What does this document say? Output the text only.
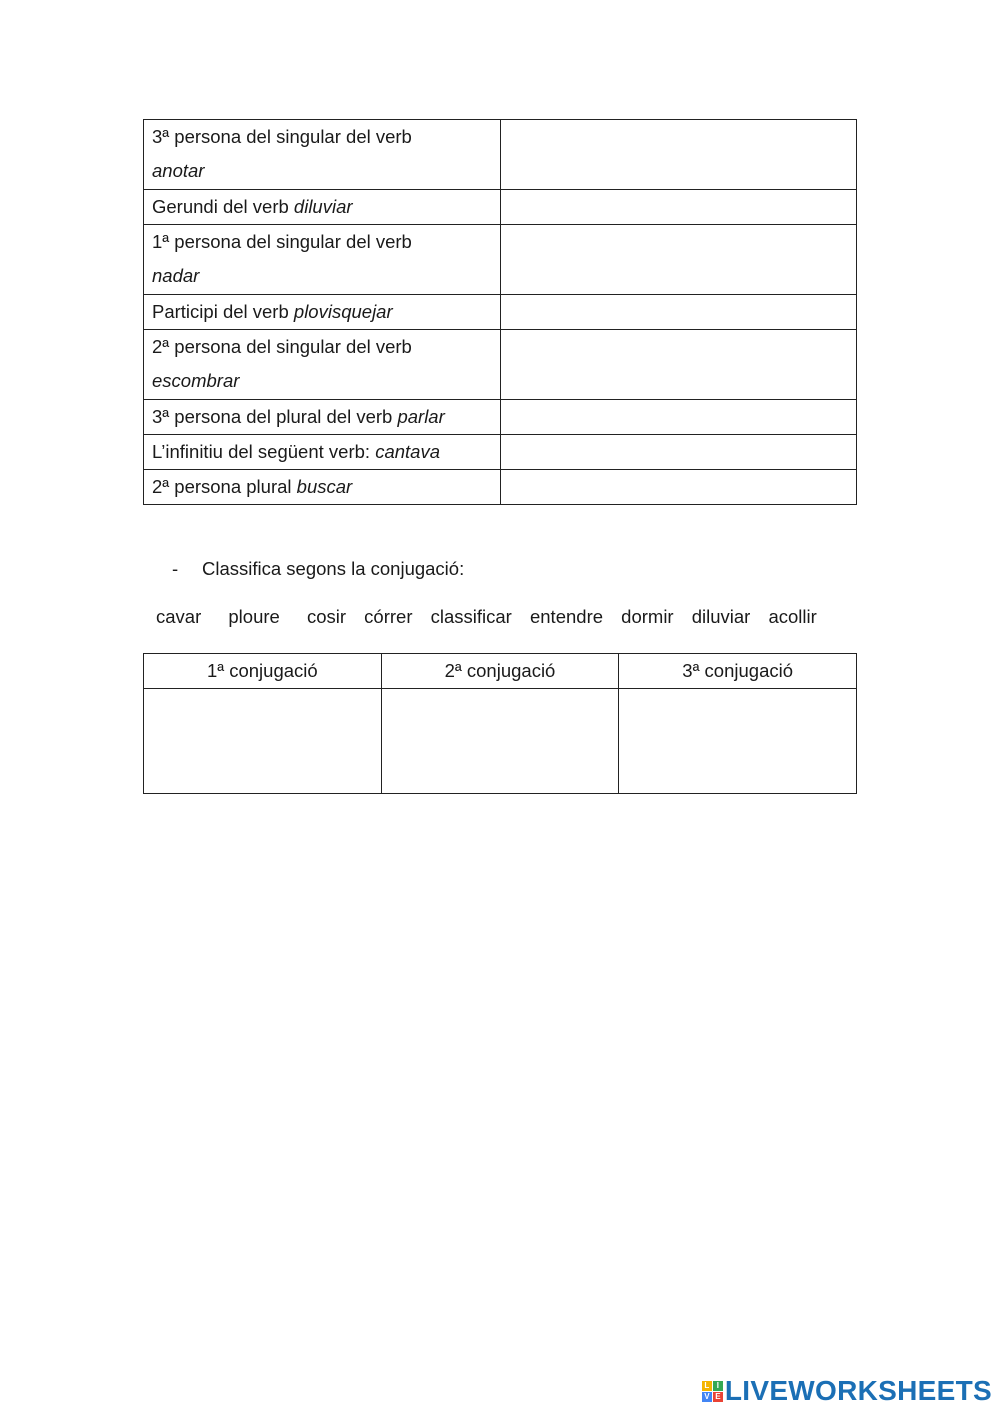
3ª persona del singular del verb
anotar	

Gerundi del verb diluviar	

1ª persona del singular del verb
nadar	

Participi del verb plovisquejar	

2ª persona del singular del verb
escombrar	

3ª persona del plural del verb parlar	

L’infinitiu del següent verb: cantava	

2ª persona plural buscar	
- Classifica segons la conjugació:
cavar ploure cosir córrer classificar entendre dormir diluviar acollir
1ª conjugació	2ª conjugació	3ª conjugació

L I
V E LIVEWORKSHEETS
